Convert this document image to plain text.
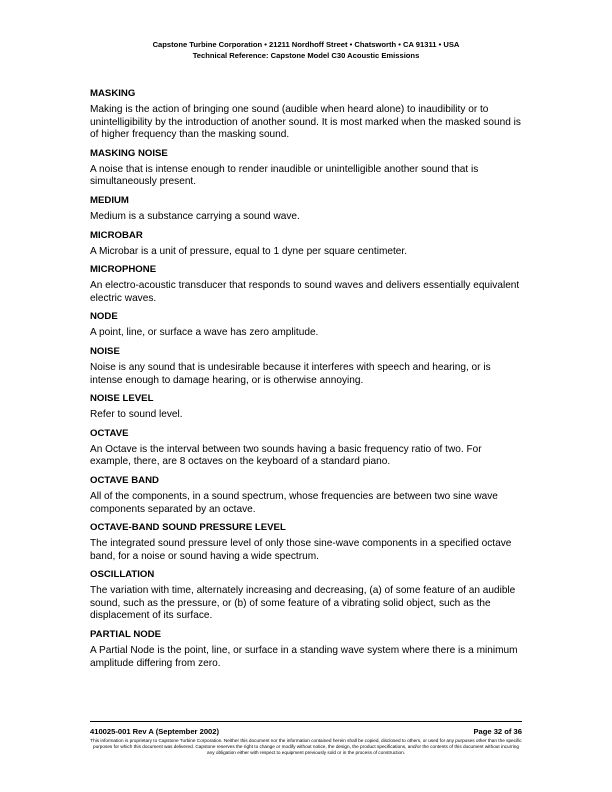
Capstone Turbine Corporation • 21211 Nordhoff Street • Chatsworth • CA 91311 • USA
Technical Reference: Capstone Model C30 Acoustic Emissions
MASKING
Making is the action of bringing one sound (audible when heard alone) to inaudibility or to unintelligibility by the introduction of another sound. It is most marked when the masked sound is of higher frequency than the masking sound.
MASKING NOISE
A noise that is intense enough to render inaudible or unintelligible another sound that is simultaneously present.
MEDIUM
Medium is a substance carrying a sound wave.
MICROBAR
A Microbar is a unit of pressure, equal to 1 dyne per square centimeter.
MICROPHONE
An electro-acoustic transducer that responds to sound waves and delivers essentially equivalent electric waves.
NODE
A point, line, or surface a wave has zero amplitude.
NOISE
Noise is any sound that is undesirable because it interferes with speech and hearing, or is intense enough to damage hearing, or is otherwise annoying.
NOISE LEVEL
Refer to sound level.
OCTAVE
An Octave is the interval between two sounds having a basic frequency ratio of two. For example, there, are 8 octaves on the keyboard of a standard piano.
OCTAVE BAND
All of the components, in a sound spectrum, whose frequencies are between two sine wave components separated by an octave.
OCTAVE-BAND SOUND PRESSURE LEVEL
The integrated sound pressure level of only those sine-wave components in a specified octave band, for a noise or sound having a wide spectrum.
OSCILLATION
The variation with time, alternately increasing and decreasing, (a) of some feature of an audible sound, such as the pressure, or (b) of some feature of a vibrating solid object, such as the displacement of its surface.
PARTIAL NODE
A Partial Node is the point, line, or surface in a standing wave system where there is a minimum amplitude differing from zero.
410025-001 Rev A (September 2002)	Page 32 of 36
This information is proprietary to Capstone Turbine Corporation. Neither this document nor the information contained herein shall be copied, disclosed to others, or used for any purposes other than the specific purposes for which this document was delivered. Capstone reserves the right to change or modify without notice, the design, the product specifications, and/or the contents of this document without incurring any obligation either with respect to equipment previously sold or in the process of construction.
